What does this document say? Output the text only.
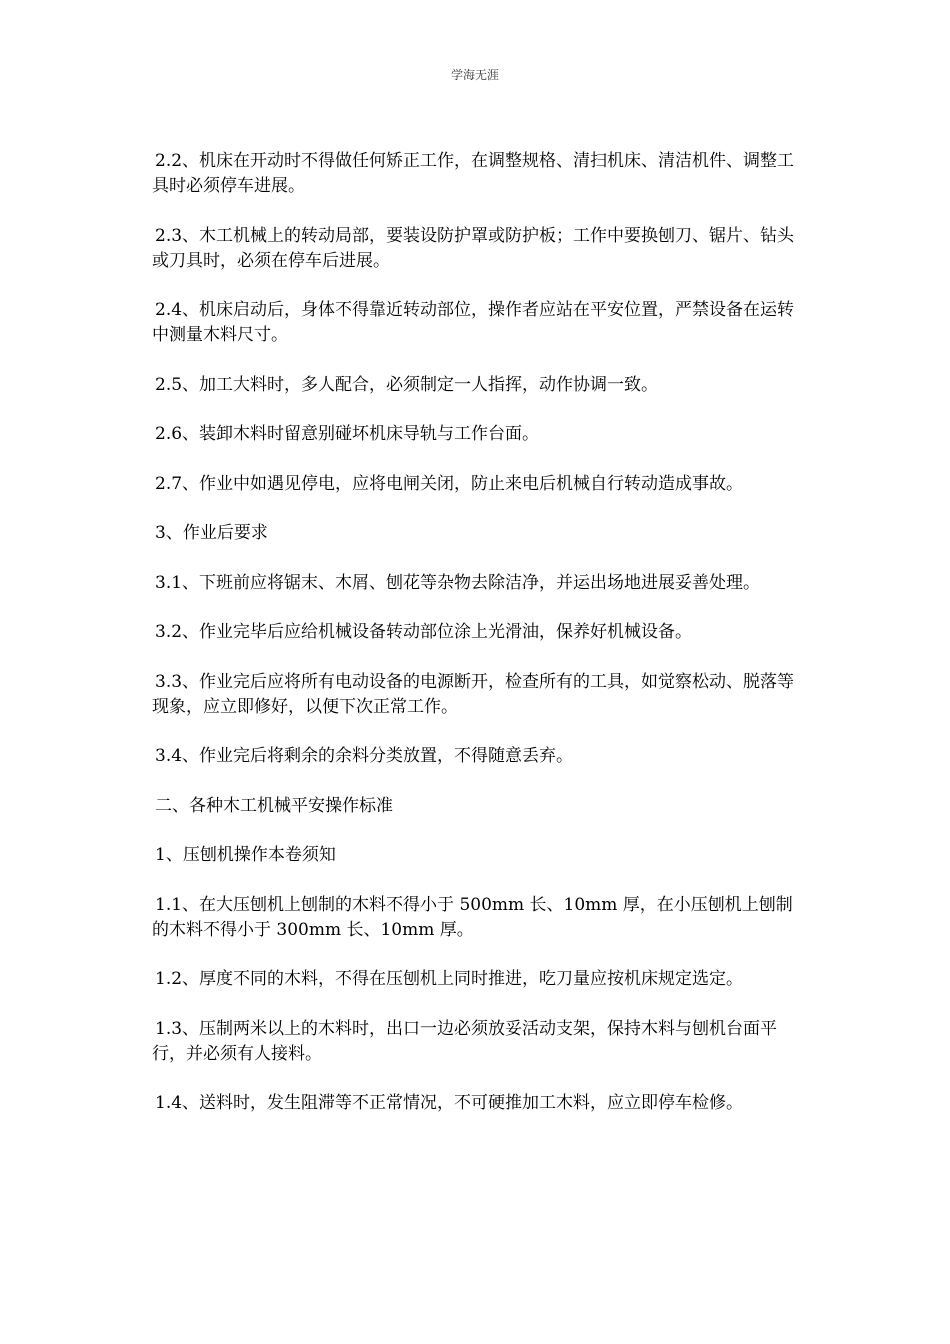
学海无涯

2.2、机床在开动时不得做任何矫正工作，在调整规格、清扫机床、清洁机件、调整工具时必须停车进展。

2.3、木工机械上的转动局部，要装设防护罩或防护板；工作中要换刨刀、锯片、钻头或刀具时，必须在停车后进展。

2.4、机床启动后，身体不得靠近转动部位，操作者应站在平安位置，严禁设备在运转中测量木料尺寸。

2.5、加工大料时，多人配合，必须制定一人指挥，动作协调一致。

2.6、装卸木料时留意别碰坏机床导轨与工作台面。

2.7、作业中如遇见停电，应将电闸关闭，防止来电后机械自行转动造成事故。

3、作业后要求

3.1、下班前应将锯末、木屑、刨花等杂物去除洁净，并运出场地进展妥善处理。

3.2、作业完毕后应给机械设备转动部位涂上光滑油，保养好机械设备。

3.3、作业完后应将所有电动设备的电源断开，检查所有的工具，如觉察松动、脱落等现象，应立即修好，以便下次正常工作。

3.4、作业完后将剩余的余料分类放置，不得随意丢弃。

二、各种木工机械平安操作标准

1、压刨机操作本卷须知

1.1、在大压刨机上刨制的木料不得小于 500mm 长、10mm 厚，在小压刨机上刨制的木料不得小于 300mm 长、10mm 厚。

1.2、厚度不同的木料，不得在压刨机上同时推进，吃刀量应按机床规定选定。

1.3、压制两米以上的木料时，出口一边必须放妥活动支架，保持木料与刨机台面平行，并必须有人接料。

1.4、送料时，发生阻滞等不正常情况，不可硬推加工木料，应立即停车检修。
